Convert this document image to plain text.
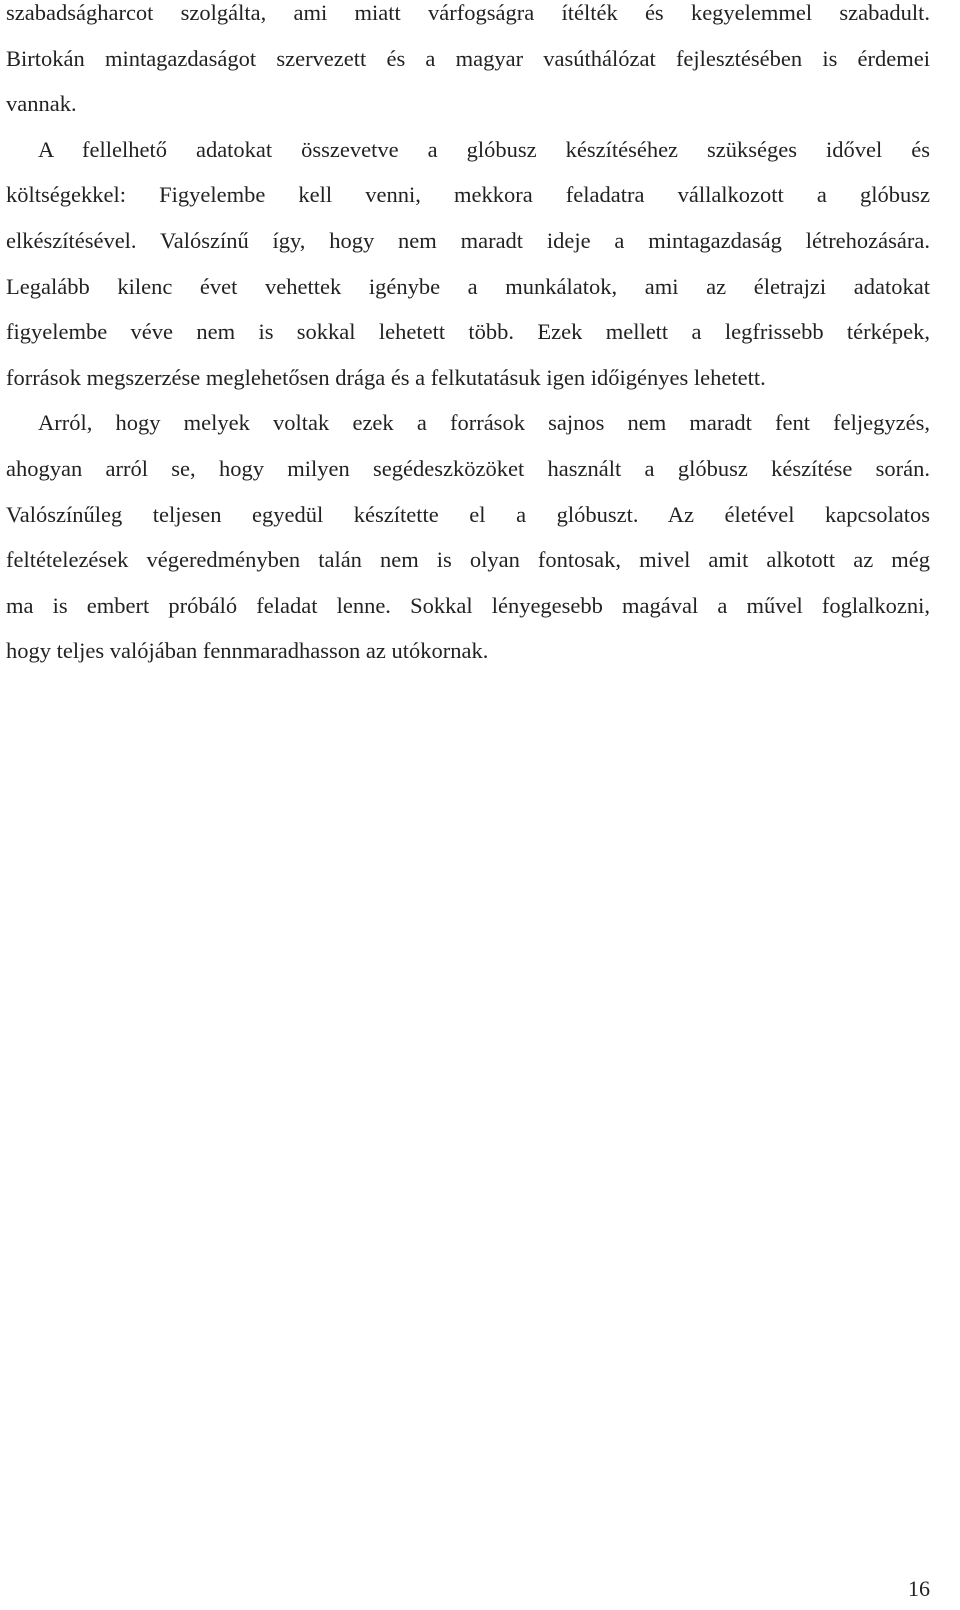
szabadságharcot szolgálta, ami miatt várfogságra ítélték és kegyelemmel szabadult.
Birtokán mintagazdaságot szervezett és a magyar vasúthálózat fejlesztésében is érdemei
vannak.
A fellelhető adatokat összevetve a glóbusz készítéséhez szükséges idővel és
költségekkel: Figyelembe kell venni, mekkora feladatra vállalkozott a glóbusz
elkészítésével. Valószínű így, hogy nem maradt ideje a mintagazdaság létrehozására.
Legalább kilenc évet vehettek igénybe a munkálatok, ami az életrajzi adatokat
figyelembe véve nem is sokkal lehetett több. Ezek mellett a legfrissebb térképek,
források megszerzése meglehetősen drága és a felkutatásuk igen időigényes lehetett.
Arról, hogy melyek voltak ezek a források sajnos nem maradt fent feljegyzés,
ahogyan arról se, hogy milyen segédeszközöket használt a glóbusz készítése során.
Valószínűleg teljesen egyedül készítette el a glóbuszt. Az életével kapcsolatos
feltételezések végeredményben talán nem is olyan fontosak, mivel amit alkotott az még
ma is embert próbáló feladat lenne. Sokkal lényegesebb magával a művel foglalkozni,
hogy teljes valójában fennmaradhasson az utókornak.
16
